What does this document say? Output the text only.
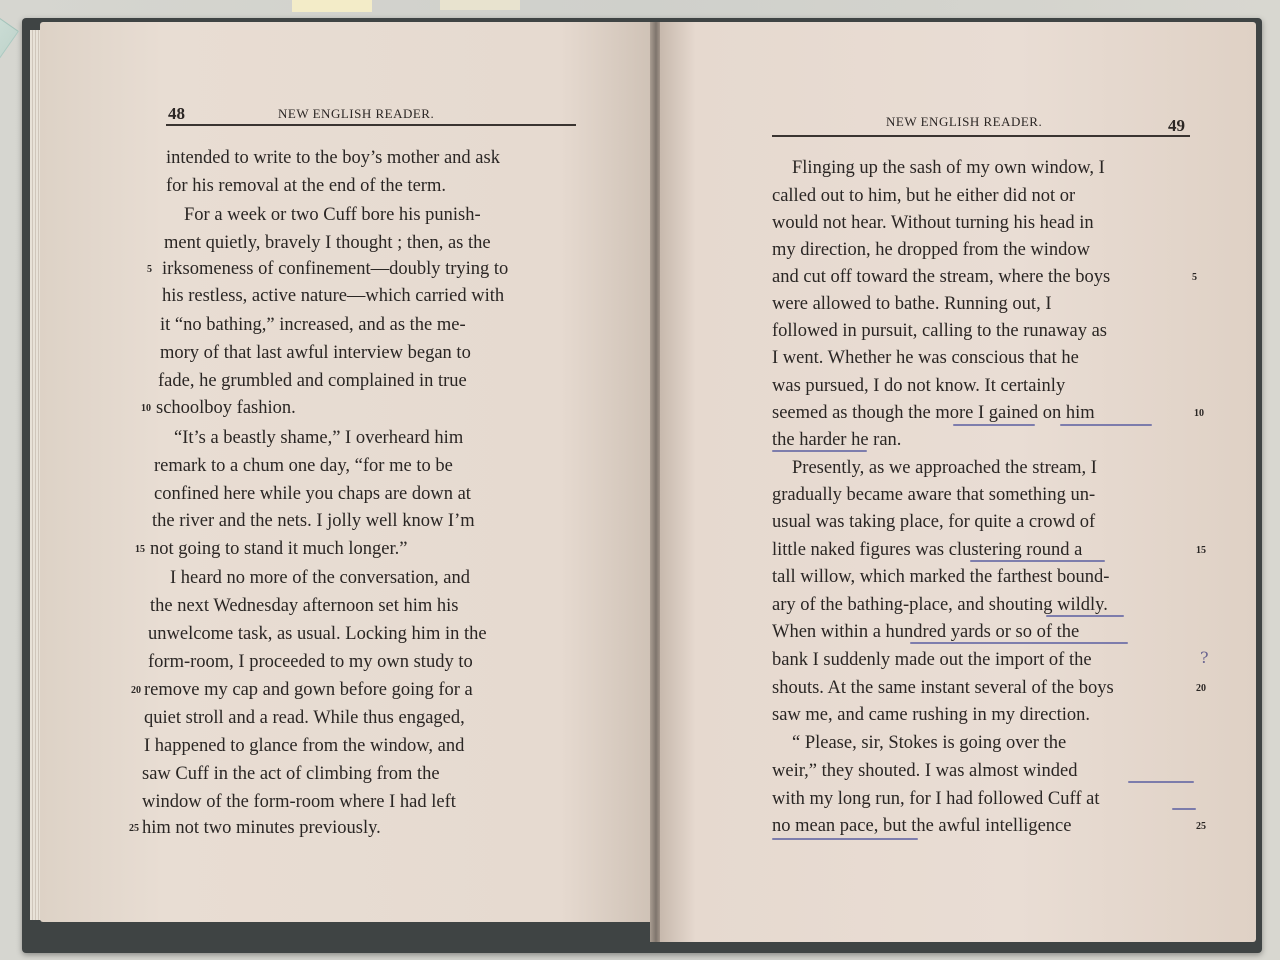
48	NEW ENGLISH READER.
intended to write to the boy’s mother and ask
for his removal at the end of the term.
For a week or two Cuff bore his punish-
ment quietly, bravely I thought ; then, as the
irksomeness of confinement—doubly trying to
his restless, active nature—which carried with
it “no bathing,” increased, and as the me-
mory of that last awful interview began to
fade, he grumbled and complained in true
schoolboy fashion.
“It’s a beastly shame,” I overheard him
remark to a chum one day, “for me to be
confined here while you chaps are down at
the river and the nets. I jolly well know I’m
not going to stand it much longer.”
I heard no more of the conversation, and
the next Wednesday afternoon set him his
unwelcome task, as usual. Locking him in the
form-room, I proceeded to my own study to
remove my cap and gown before going for a
quiet stroll and a read. While thus engaged,
I happened to glance from the window, and
saw Cuff in the act of climbing from the
window of the form-room where I had left
him not two minutes previously.
5
10
15
20
25
NEW ENGLISH READER.	49
Flinging up the sash of my own window, I
called out to him, but he either did not or
would not hear. Without turning his head in
my direction, he dropped from the window
and cut off toward the stream, where the boys
were allowed to bathe. Running out, I
followed in pursuit, calling to the runaway as
I went. Whether he was conscious that he
was pursued, I do not know. It certainly
seemed as though the more I gained on him
the harder he ran.
Presently, as we approached the stream, I
gradually became aware that something un-
usual was taking place, for quite a crowd of
little naked figures was clustering round a
tall willow, which marked the farthest bound-
ary of the bathing-place, and shouting wildly.
When within a hundred yards or so of the
bank I suddenly made out the import of the
shouts. At the same instant several of the boys
saw me, and came rushing in my direction.
“ Please, sir, Stokes is going over the
weir,” they shouted. I was almost winded
with my long run, for I had followed Cuff at
no mean pace, but the awful intelligence
5
10
15
20
25
?
